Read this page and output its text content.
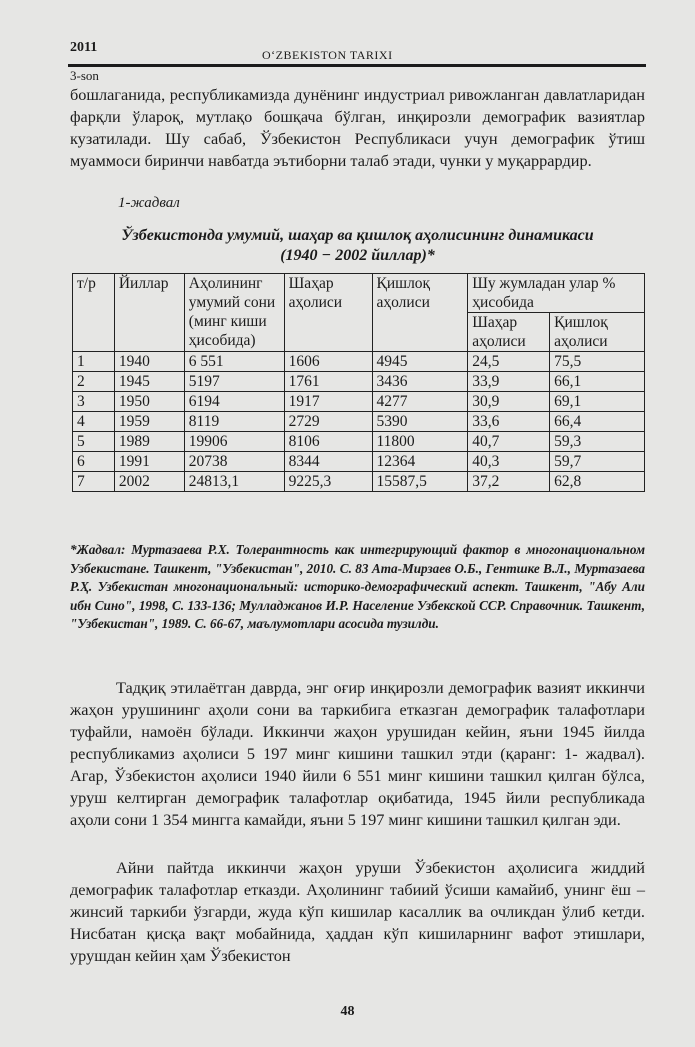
2011	O‘ZBEKISTON TARIXI
3-son

бошлаганида, республикамизда дунёнинг индустриал ривожланган давлатларидан фарқли ўлароқ, мутлақо бошқача бўлган, инқирозли демографик вазиятлар кузатилади. Шу сабаб, Ўзбекистон Республикаси учун демографик ўтиш муаммоси биринчи навбатда эътиборни талаб этади, чунки у муқаррардир.

1-жадвал

Ўзбекистонда умумий, шаҳар ва қишлоқ аҳолисининг динамикаси
(1940 − 2002 йиллар)*

т/р	Йиллар	Аҳолининг умумий сони (минг киши ҳисобида)	Шаҳар аҳолиси	Қишлоқ аҳолиси	Шу жумладан улар % ҳисобида	
					Шаҳар аҳолиси	Қишлоқ аҳолиси
1	1940	6 551	1606	4945	24,5	75,5
2	1945	5197	1761	3436	33,9	66,1
3	1950	6194	1917	4277	30,9	69,1
4	1959	8119	2729	5390	33,6	66,4
5	1989	19906	8106	11800	40,7	59,3
6	1991	20738	8344	12364	40,3	59,7
7	2002	24813,1	9225,3	15587,5	37,2	62,8

*Жадвал: Муртазаева Р.Х. Толерантность как интегрирующий фактор в многонациональном Узбекистане. Ташкент, "Узбекистан", 2010. С. 83 Ата-Мирзаев О.Б., Гентшке В.Л., Муртазаева Р.Ҳ. Узбекистан многонациональный: историко-демографический аспект. Ташкент, "Абу Али ибн Сино", 1998, С. 133-136; Мулладжанов И.Р. Население Узбекской ССР. Справочник. Ташкент, "Узбекистан", 1989. С. 66-67, маълумотлари асосида тузилди.

Тадқиқ этилаётган даврда, энг оғир инқирозли демографик вазият иккинчи жаҳон урушининг аҳоли сони ва таркибига етказган демографик талафотлари туфайли, намоён бўлади. Иккинчи жаҳон урушидан кейин, яъни 1945 йилда республикамиз аҳолиси 5 197 минг кишини ташкил этди (қаранг: 1- жадвал). Агар, Ўзбекистон аҳолиси 1940 йили 6 551 минг кишини ташкил қилган бўлса, уруш келтирган демографик талафотлар оқибатида, 1945 йили республикада аҳоли сони 1 354 мингга камайди, яъни 5 197 минг кишини ташкил қилган эди.

Айни пайтда иккинчи жаҳон уруши Ўзбекистон аҳолисига жиддий демографик талафотлар етказди. Аҳолининг табиий ўсиши камайиб, унинг ёш – жинсий таркиби ўзгарди, жуда кўп кишилар касаллик ва очликдан ўлиб кетди. Нисбатан қисқа вақт мобайнида, ҳаддан кўп кишиларнинг вафот этишлари, урушдан кейин ҳам Ўзбекистон

48
